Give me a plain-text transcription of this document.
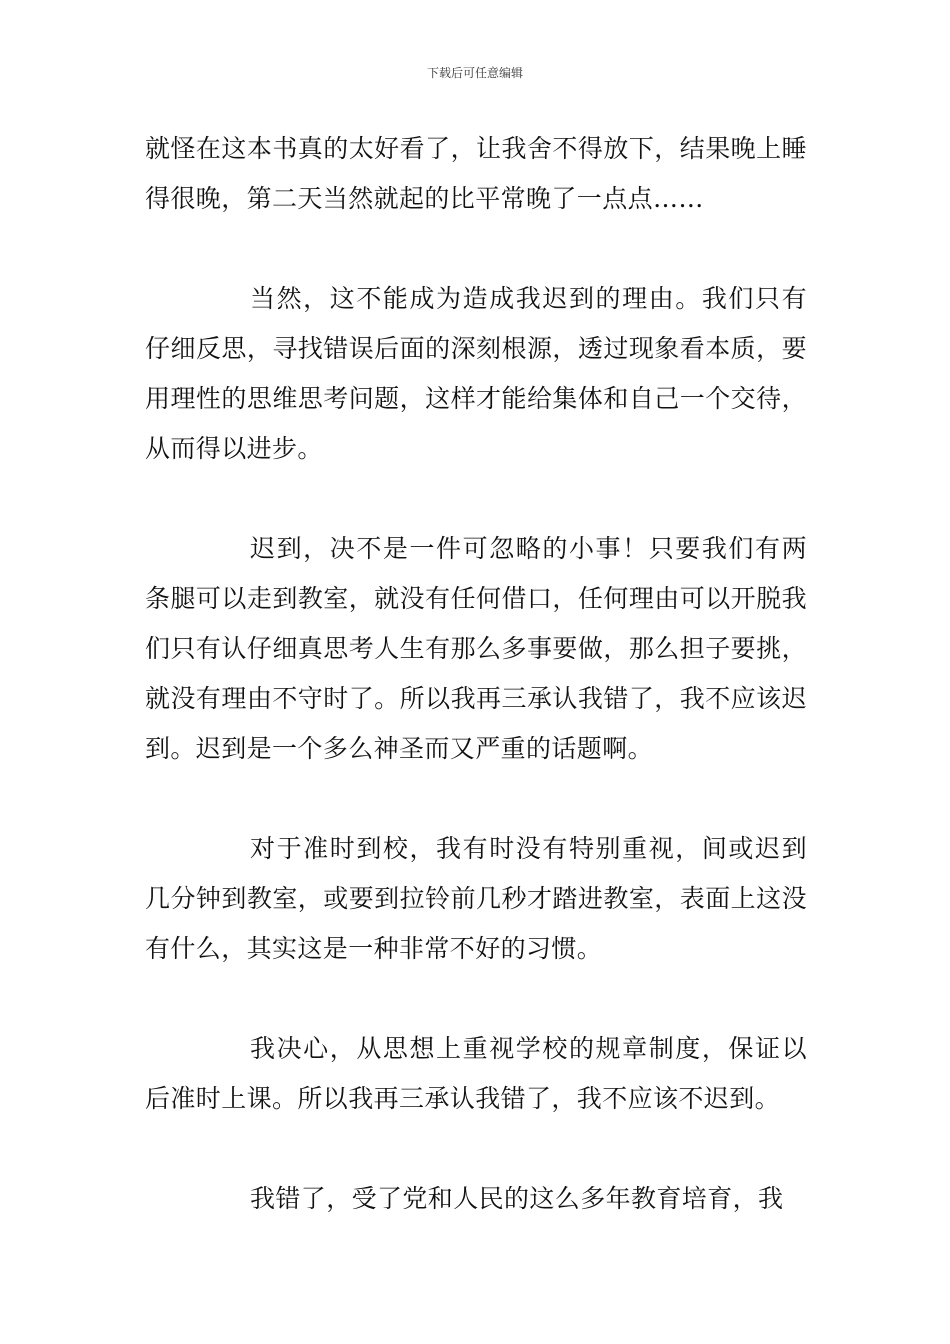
下载后可任意编辑

就怪在这本书真的太好看了，让我舍不得放下，结果晚上睡得很晚，第二天当然就起的比平常晚了一点点……

当然，这不能成为造成我迟到的理由。我们只有仔细反思，寻找错误后面的深刻根源，透过现象看本质，要用理性的思维思考问题，这样才能给集体和自己一个交待，从而得以进步。

迟到，决不是一件可忽略的小事！只要我们有两条腿可以走到教室，就没有任何借口，任何理由可以开脱我们只有认仔细真思考人生有那么多事要做，那么担子要挑，就没有理由不守时了。所以我再三承认我错了，我不应该迟到。迟到是一个多么神圣而又严重的话题啊。

对于准时到校，我有时没有特别重视，间或迟到几分钟到教室，或要到拉铃前几秒才踏进教室，表面上这没有什么，其实这是一种非常不好的习惯。

我决心，从思想上重视学校的规章制度，保证以后准时上课。所以我再三承认我错了，我不应该不迟到。

我错了，受了党和人民的这么多年教育培育，我
